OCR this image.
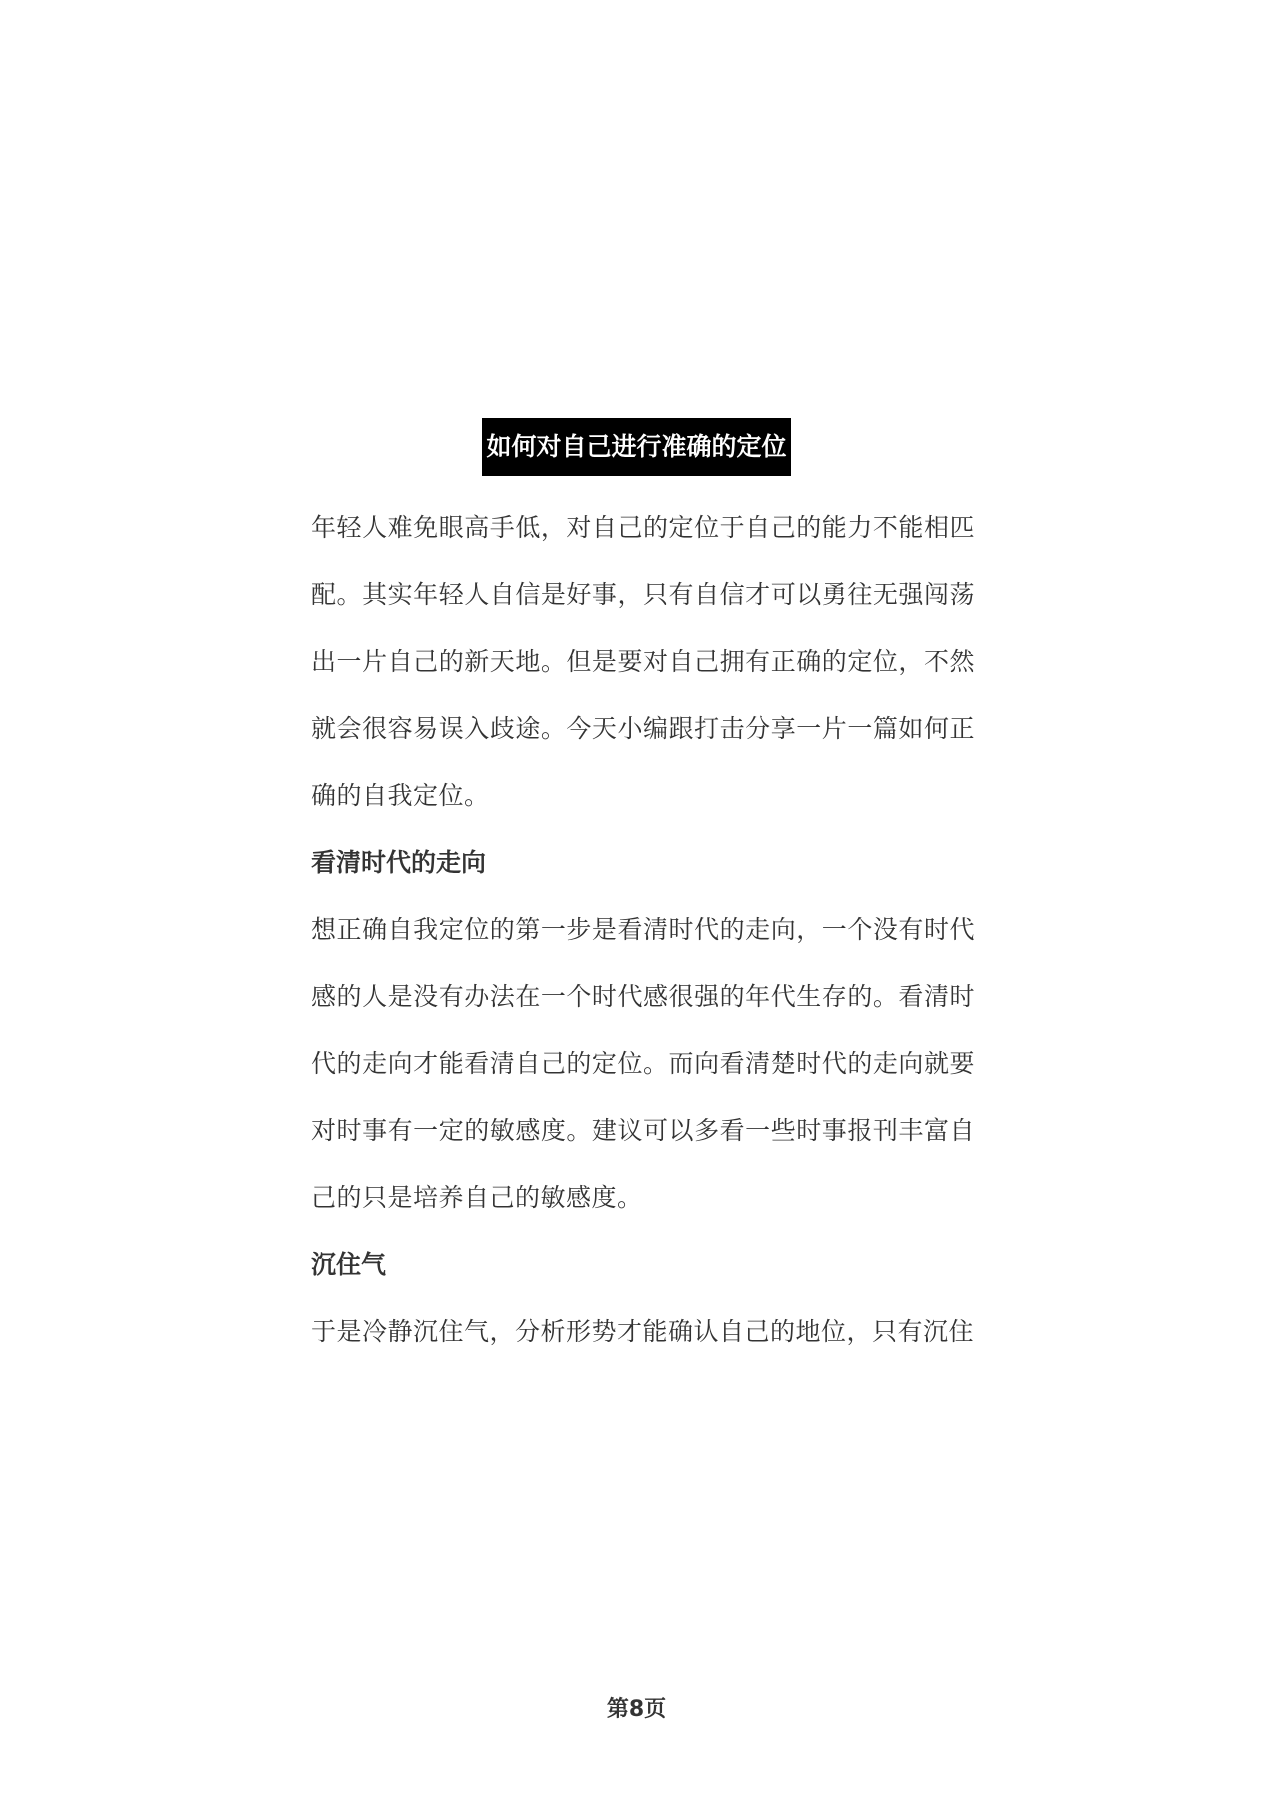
如何对自己进行准确的定位

年轻人难免眼高手低，对自己的定位于自己的能力不能相匹配。其实年轻人自信是好事，只有自信才可以勇往无强闯荡出一片自己的新天地。但是要对自己拥有正确的定位，不然就会很容易误入歧途。今天小编跟打击分享一片一篇如何正确的自我定位。

看清时代的走向

想正确自我定位的第一步是看清时代的走向，一个没有时代感的人是没有办法在一个时代感很强的年代生存的。看清时代的走向才能看清自己的定位。而向看清楚时代的走向就要对时事有一定的敏感度。建议可以多看一些时事报刊丰富自己的只是培养自己的敏感度。

沉住气

于是冷静沉住气，分析形势才能确认自己的地位，只有沉住

第8页
